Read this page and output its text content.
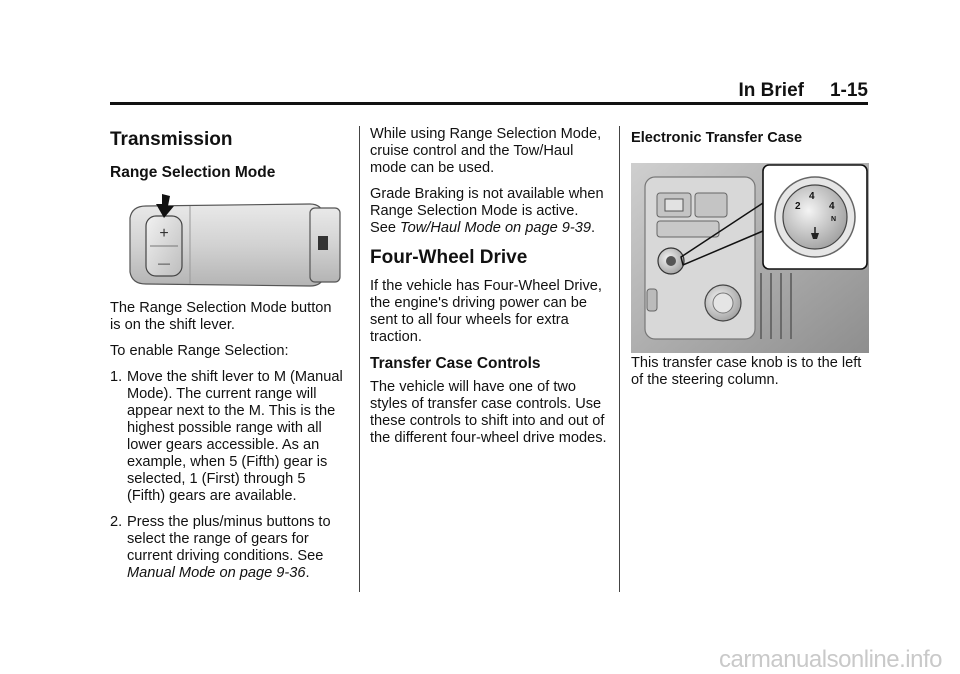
In Brief 1-15
Transmission
Range Selection Mode
+
—

The Range Selection Mode button is on the shift lever.

To enable Range Selection:

1. Move the shift lever to M (Manual Mode). The current range will appear next to the M. This is the highest possible range with all lower gears accessible. As an example, when 5 (Fifth) gear is selected, 1 (First) through 5 (Fifth) gears are available.
2. Press the plus/minus buttons to select the range of gears for current driving conditions. See Manual Mode on page 9-36.

While using Range Selection Mode, cruise control and the Tow/Haul mode can be used.

Grade Braking is not available when Range Selection Mode is active. See Tow/Haul Mode on page 9-39.

Four-Wheel Drive

If the vehicle has Four-Wheel Drive, the engine's driving power can be sent to all four wheels for extra traction.

Transfer Case Controls

The vehicle will have one of two styles of transfer case controls. Use these controls to shift into and out of the different four-wheel drive modes.

Electronic Transfer Case

2
4
4
N

This transfer case knob is to the left of the steering column.

carmanualsonline.info
